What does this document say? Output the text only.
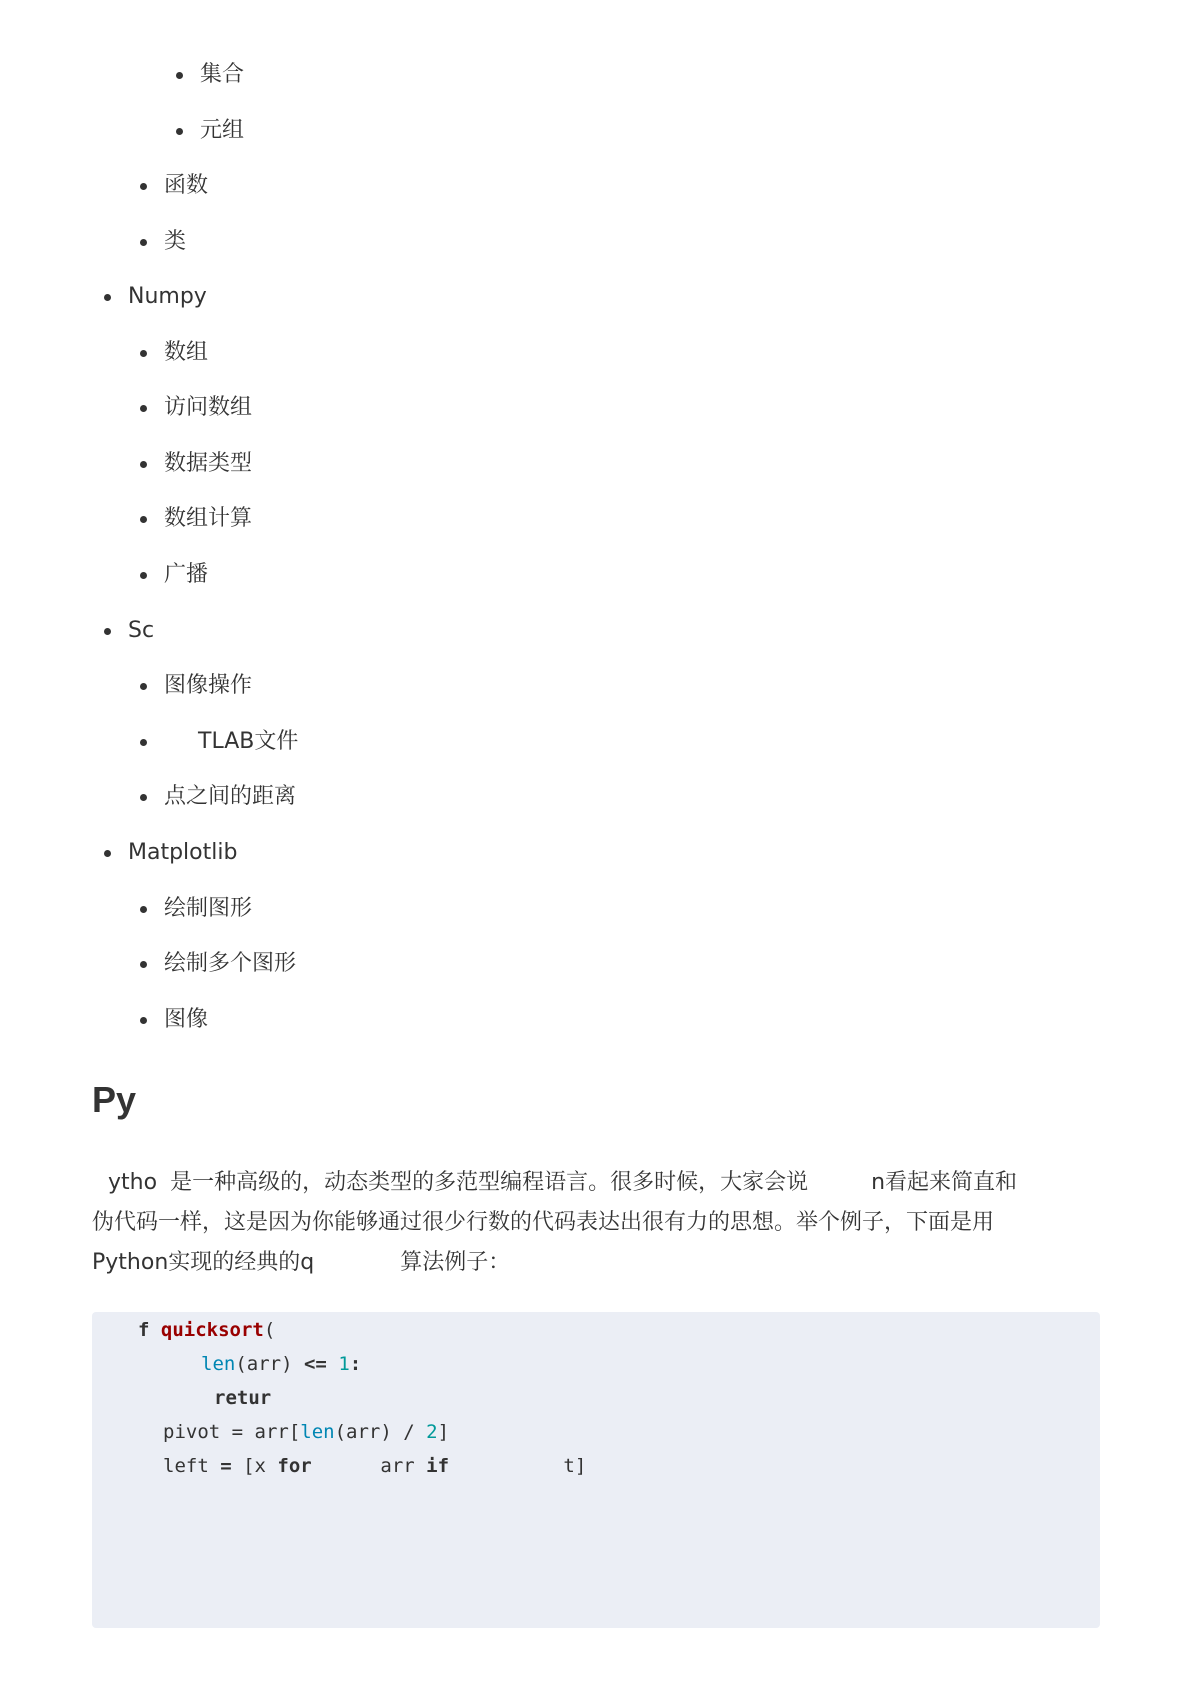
集合
元组
函数
类
Numpy
数组
访问数组
数据类型
数组计算
广播
Sc
图像操作
TLAB文件
点之间的距离
Matplotlib
绘制图形
绘制多个图形
图像
Py
ytho 是一种高级的，动态类型的多范型编程语言。很多时候，大家会说	n看起来简直和
伪代码一样，这是因为你能够通过很少行数的代码表达出很有力的思想。举个例子，下面是用
Python实现的经典的q	算法例子：
f quicksort(
len(arr) <= 1:
retur
pivot = arr[len(arr) / 2]
left = [x for      arr if          t]
